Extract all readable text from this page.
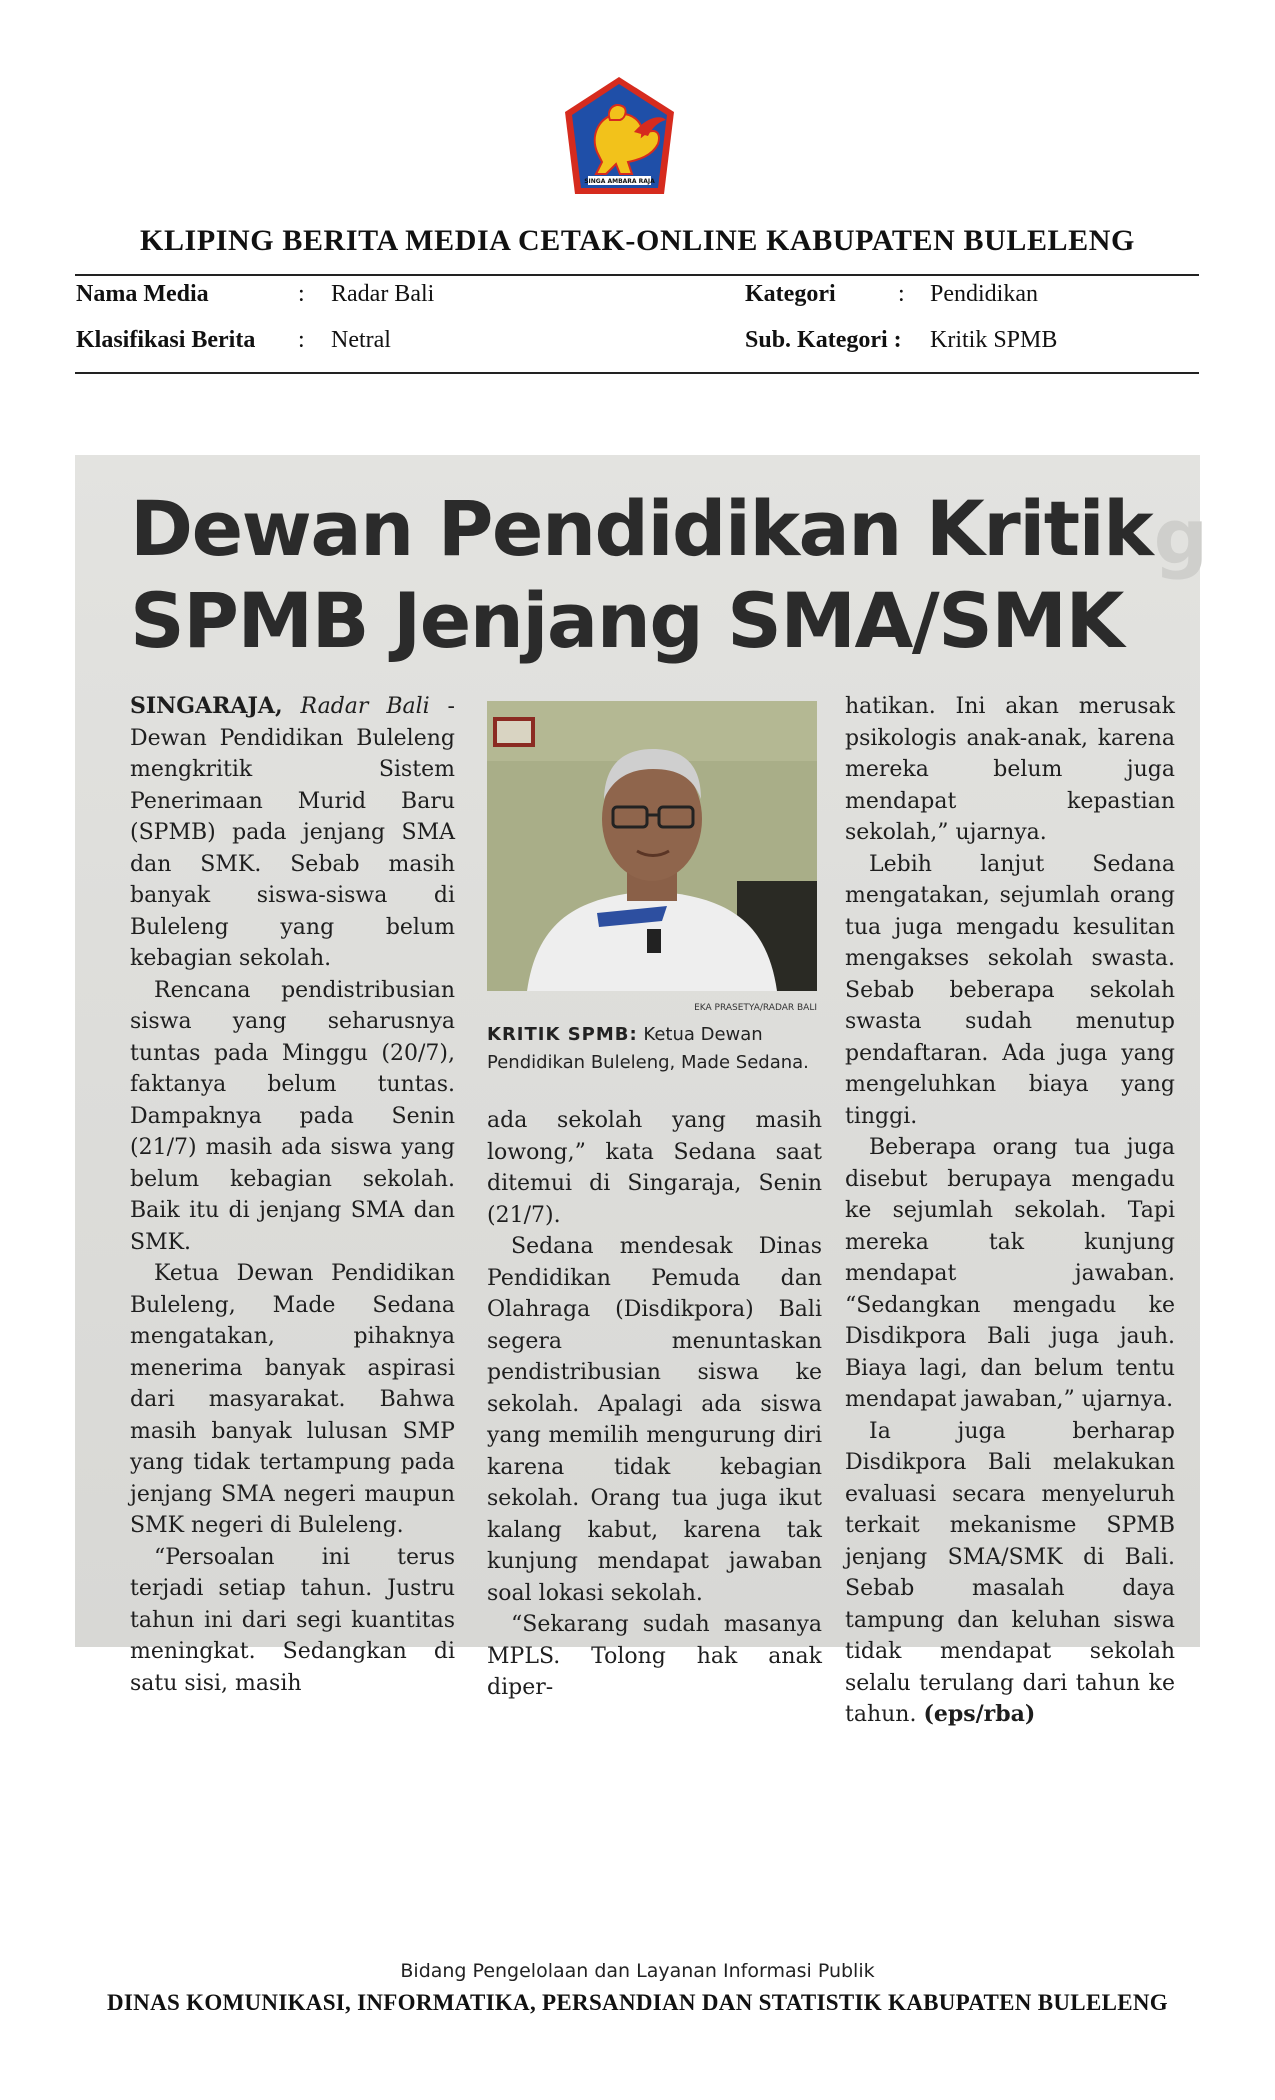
SINGA AMBARA RAJA
KLIPING BERITA MEDIA CETAK-ONLINE KABUPATEN BULELENG
Nama Media	: Radar Bali
Klasifikasi Berita : Netral
Kategori	: Pendidikan
Sub. Kategori : Kritik SPMB
g
Dewan Pendidikan Kritik
SPMB Jenjang SMA/SMK

SINGARAJA, Radar Bali - Dewan Pendidikan Buleleng mengkritik Sistem Penerimaan Murid Baru (SPMB) pada jenjang SMA dan SMK. Sebab masih banyak siswa-siswa di Buleleng yang belum kebagian sekolah.

Rencana pendistribusian siswa yang seharusnya tuntas pada Minggu (20/7), faktanya belum tuntas. Dampaknya pada Senin (21/7) masih ada siswa yang belum kebagian sekolah. Baik itu di jenjang SMA dan SMK.

Ketua Dewan Pendidikan Buleleng, Made Sedana mengatakan, pihaknya menerima banyak aspirasi dari masyarakat. Bahwa masih banyak lulusan SMP yang tidak tertampung pada jenjang SMA negeri maupun SMK negeri di Buleleng.

“Persoalan ini terus terjadi setiap tahun. Justru tahun ini dari segi kuantitas meningkat. Sedangkan di satu sisi, masih

EKA PRASETYA/RADAR BALI
KRITIK SPMB: Ketua Dewan Pendidikan Buleleng, Made Sedana.

ada sekolah yang masih lowong,” kata Sedana saat ditemui di Singaraja, Senin (21/7).

Sedana mendesak Dinas Pendidikan Pemuda dan Olahraga (Disdikpora) Bali segera menuntaskan pendistribusian siswa ke sekolah. Apalagi ada siswa yang memilih mengurung diri karena tidak kebagian sekolah. Orang tua juga ikut kalang kabut, karena tak kunjung mendapat jawaban soal lokasi sekolah.

“Sekarang sudah masanya MPLS. Tolong hak anak diper-

hatikan. Ini akan merusak psikologis anak-anak, karena mereka belum juga mendapat kepastian sekolah,” ujarnya.

Lebih lanjut Sedana mengatakan, sejumlah orang tua juga mengadu kesulitan mengakses sekolah swasta. Sebab beberapa sekolah swasta sudah menutup pendaftaran. Ada juga yang mengeluhkan biaya yang tinggi.

Beberapa orang tua juga disebut berupaya mengadu ke sejumlah sekolah. Tapi mereka tak kunjung mendapat jawaban. “Sedangkan mengadu ke Disdikpora Bali juga jauh. Biaya lagi, dan belum tentu mendapat jawaban,” ujarnya.

Ia juga berharap Disdikpora Bali melakukan evaluasi secara menyeluruh terkait mekanisme SPMB jenjang SMA/SMK di Bali. Sebab masalah daya tampung dan keluhan siswa tidak mendapat sekolah selalu terulang dari tahun ke tahun. (eps/rba)

Bidang Pengelolaan dan Layanan Informasi Publik
DINAS KOMUNIKASI, INFORMATIKA, PERSANDIAN DAN STATISTIK KABUPATEN BULELENG
